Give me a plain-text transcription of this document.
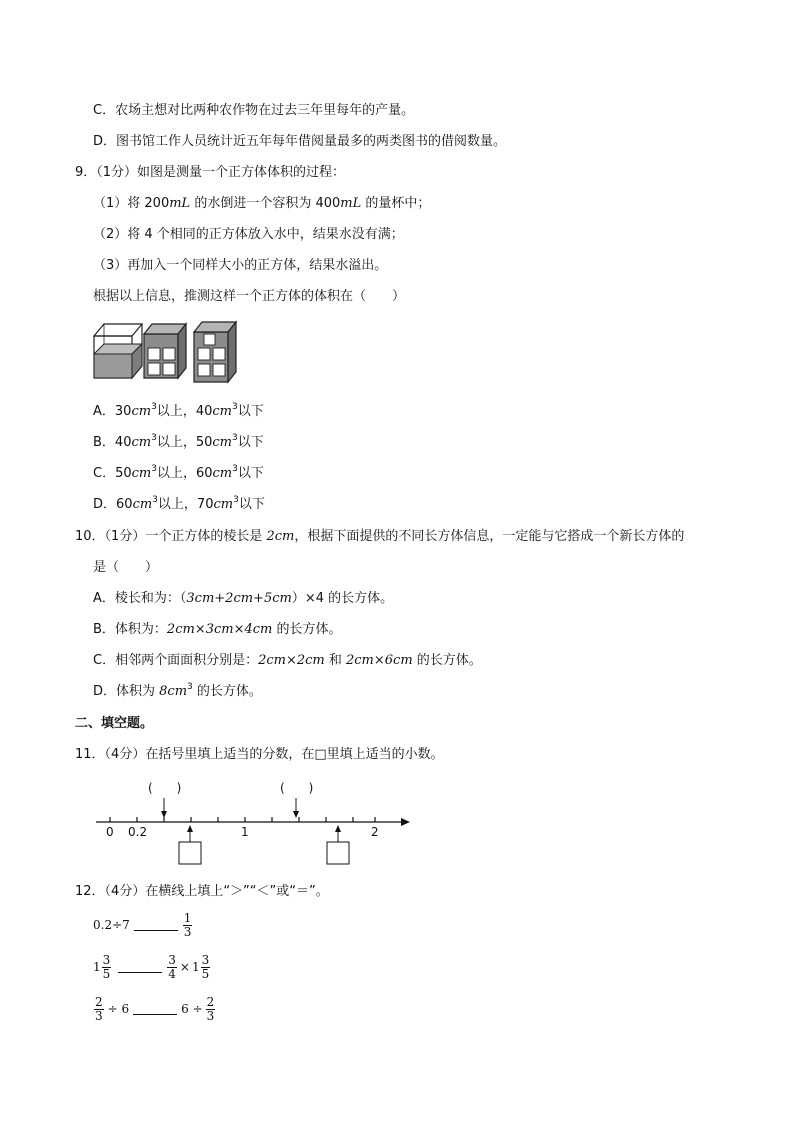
C．农场主想对比两种农作物在过去三年里每年的产量。
D．图书馆工作人员统计近五年每年借阅量最多的两类图书的借阅数量。
9．（1分）如图是测量一个正方体体积的过程：
（1）将 200mL 的水倒进一个容积为 400mL 的量杯中；
（2）将 4 个相同的正方体放入水中，结果水没有满；
（3）再加入一个同样大小的正方体，结果水溢出。
根据以上信息，推测这样一个正方体的体积在（　　）
A．$30cm^3$以上，$40cm^3$以下
B．$40cm^3$以上，$50cm^3$以下
C．$50cm^3$以上，$60cm^3$以下
D．$60cm^3$以上，$70cm^3$以下
10．（1分）一个正方体的棱长是 2cm，根据下面提供的不同长方体信息，一定能与它搭成一个新长方体的
是（　　）
A．棱长和为：（3cm+2cm+5cm）×4 的长方体。
B．体积为：2cm×3cm×4cm 的长方体。
C．相邻两个面面积分别是：2cm×2cm 和 2cm×6cm 的长方体。
D．体积为 $8cm^3$ 的长方体。
二、填空题。
11．（4分）在括号里填上适当的分数，在□里填上适当的小数。
(　　)	(　　)
0 0.2	1	2
12．（4分）在横线上填上“＞”“＜”或“＝”。
0.2÷7	$\frac{1}{3}$
$1 \frac{3}{5}$	$\frac{3}{4} \times 1 \frac{3}{5}$
$\frac{2}{3} \div 6$	$6 \div \frac{2}{3}$
